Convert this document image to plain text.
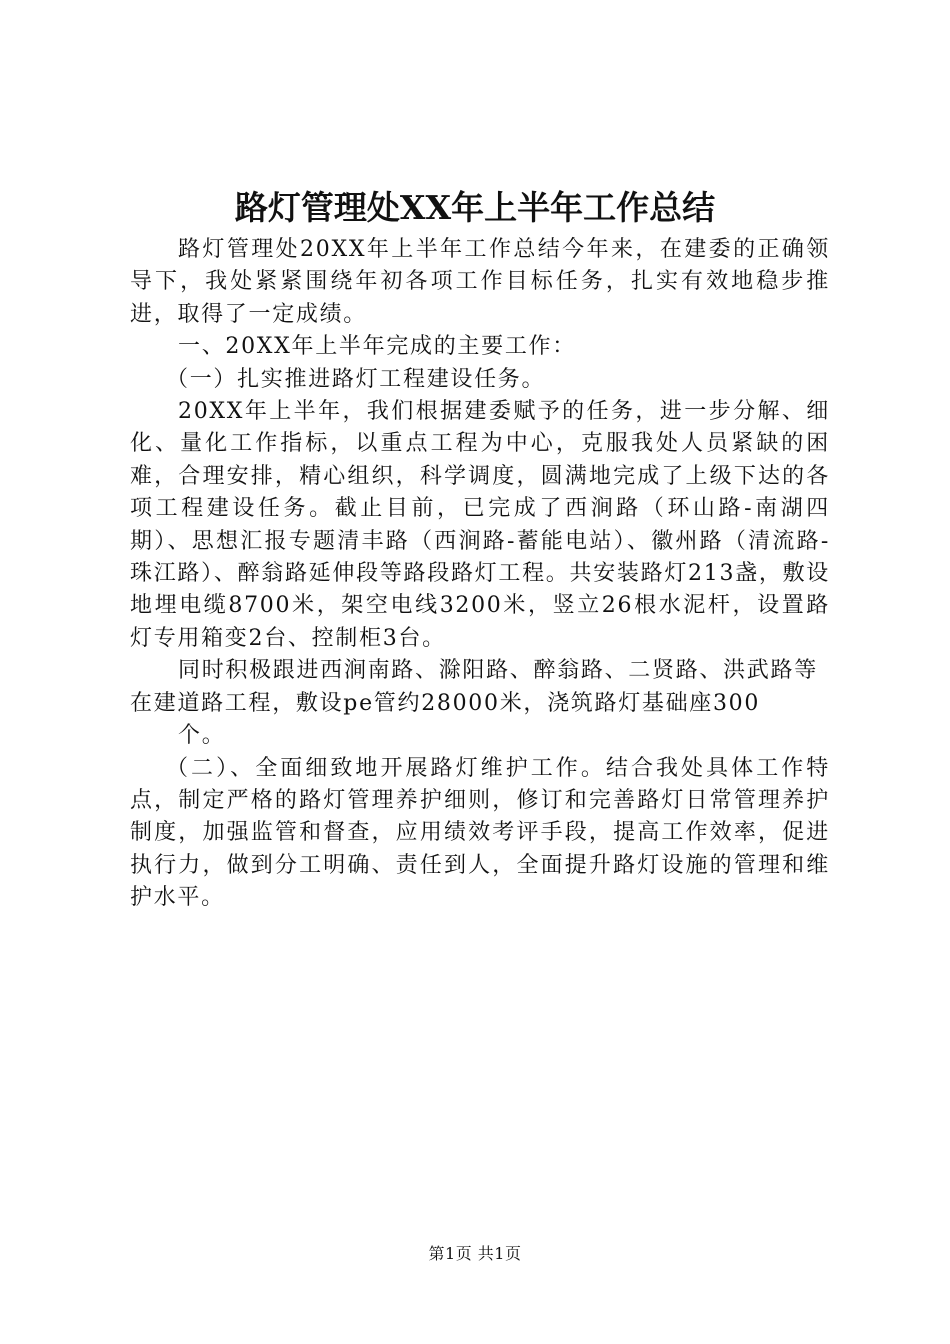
路灯管理处XX年上半年工作总结

路灯管理处20XX年上半年工作总结今年来，在建委的正确领导下，我处紧紧围绕年初各项工作目标任务，扎实有效地稳步推进，取得了一定成绩。

一、20XX年上半年完成的主要工作：

（一）扎实推进路灯工程建设任务。

20XX年上半年，我们根据建委赋予的任务，进一步分解、细化、量化工作指标，以重点工程为中心，克服我处人员紧缺的困难，合理安排，精心组织，科学调度，圆满地完成了上级下达的各项工程建设任务。截止目前，已完成了西涧路（环山路-南湖四期）、思想汇报专题清丰路（西涧路-蓄能电站）、徽州路（清流路-珠江路）、醉翁路延伸段等路段路灯工程。共安装路灯213盏，敷设地埋电缆8700米，架空电线3200米，竖立26根水泥杆，设置路灯专用箱变2台、控制柜3台。

同时积极跟进西涧南路、滁阳路、醉翁路、二贤路、洪武路等在建道路工程，敷设pe管约28000米，浇筑路灯基础座300

个。

（二）、全面细致地开展路灯维护工作。结合我处具体工作特点，制定严格的路灯管理养护细则，修订和完善路灯日常管理养护制度，加强监管和督查，应用绩效考评手段，提高工作效率，促进执行力，做到分工明确、责任到人，全面提升路灯设施的管理和维护水平。

第1页 共1页
